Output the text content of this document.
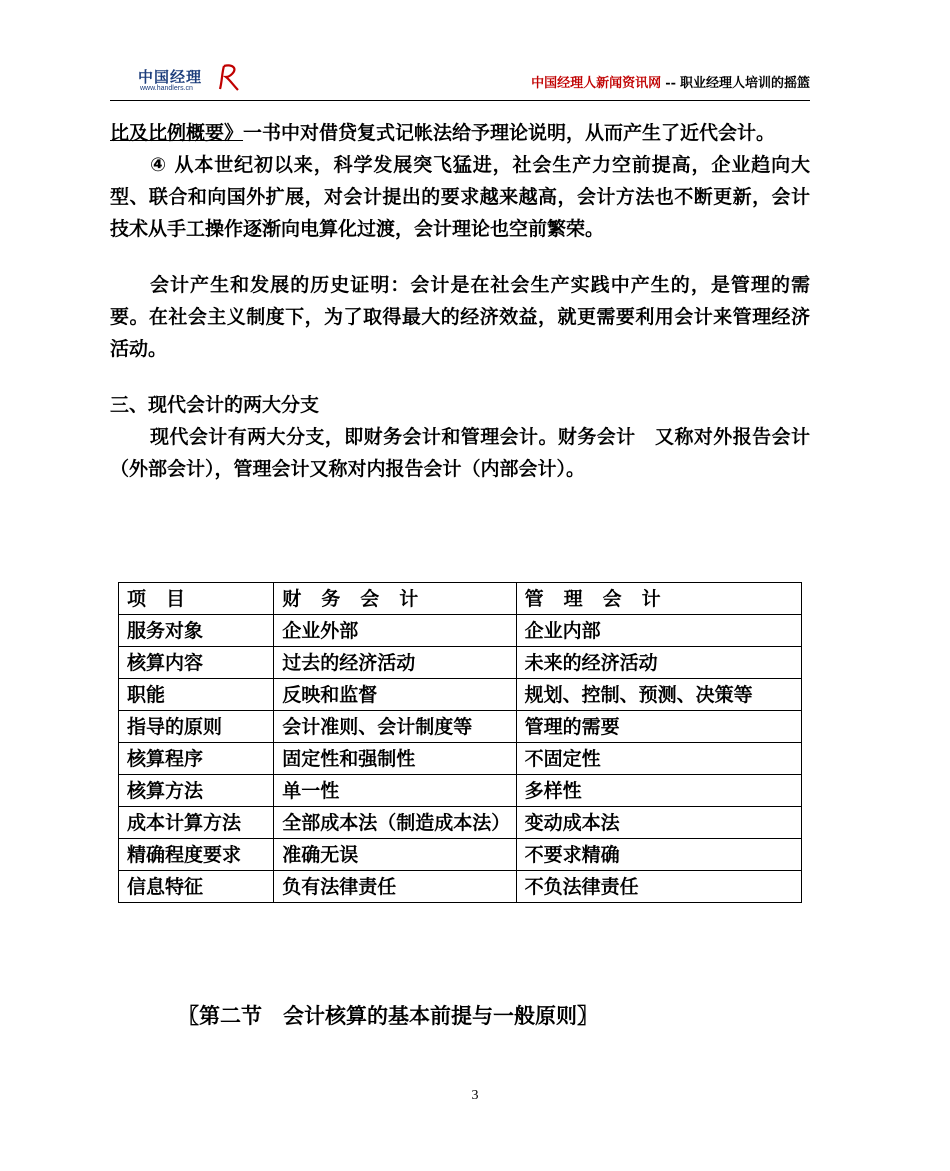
中国经理
www.handlers.cn	中国经理人新闻资讯网 -- 职业经理人培训的摇篮

比及比例概要》一书中对借贷复式记帐法给予理论说明，从而产生了近代会计。

④ 从本世纪初以来，科学发展突飞猛进，社会生产力空前提高，企业趋向大型、联合和向国外扩展，对会计提出的要求越来越高，会计方法也不断更新，会计技术从手工操作逐渐向电算化过渡，会计理论也空前繁荣。

会计产生和发展的历史证明：会计是在社会生产实践中产生的，是管理的需要。在社会主义制度下，为了取得最大的经济效益，就更需要利用会计来管理经济活动。

三、现代会计的两大分支

现代会计有两大分支，即财务会计和管理会计。财务会计　又称对外报告会计（外部会计），管理会计又称对内报告会计（内部会计）。

项目	财务会计	管理会计
服务对象	企业外部	企业内部
核算内容	过去的经济活动	未来的经济活动
职能	反映和监督	规划、控制、预测、决策等
指导的原则	会计准则、会计制度等	管理的需要
核算程序	固定性和强制性	不固定性
核算方法	单一性	多样性
成本计算方法	全部成本法（制造成本法）	变动成本法
精确程度要求	准确无误	不要求精确
信息特征	负有法律责任	不负法律责任
〖第二节　会计核算的基本前提与一般原则〗
3
